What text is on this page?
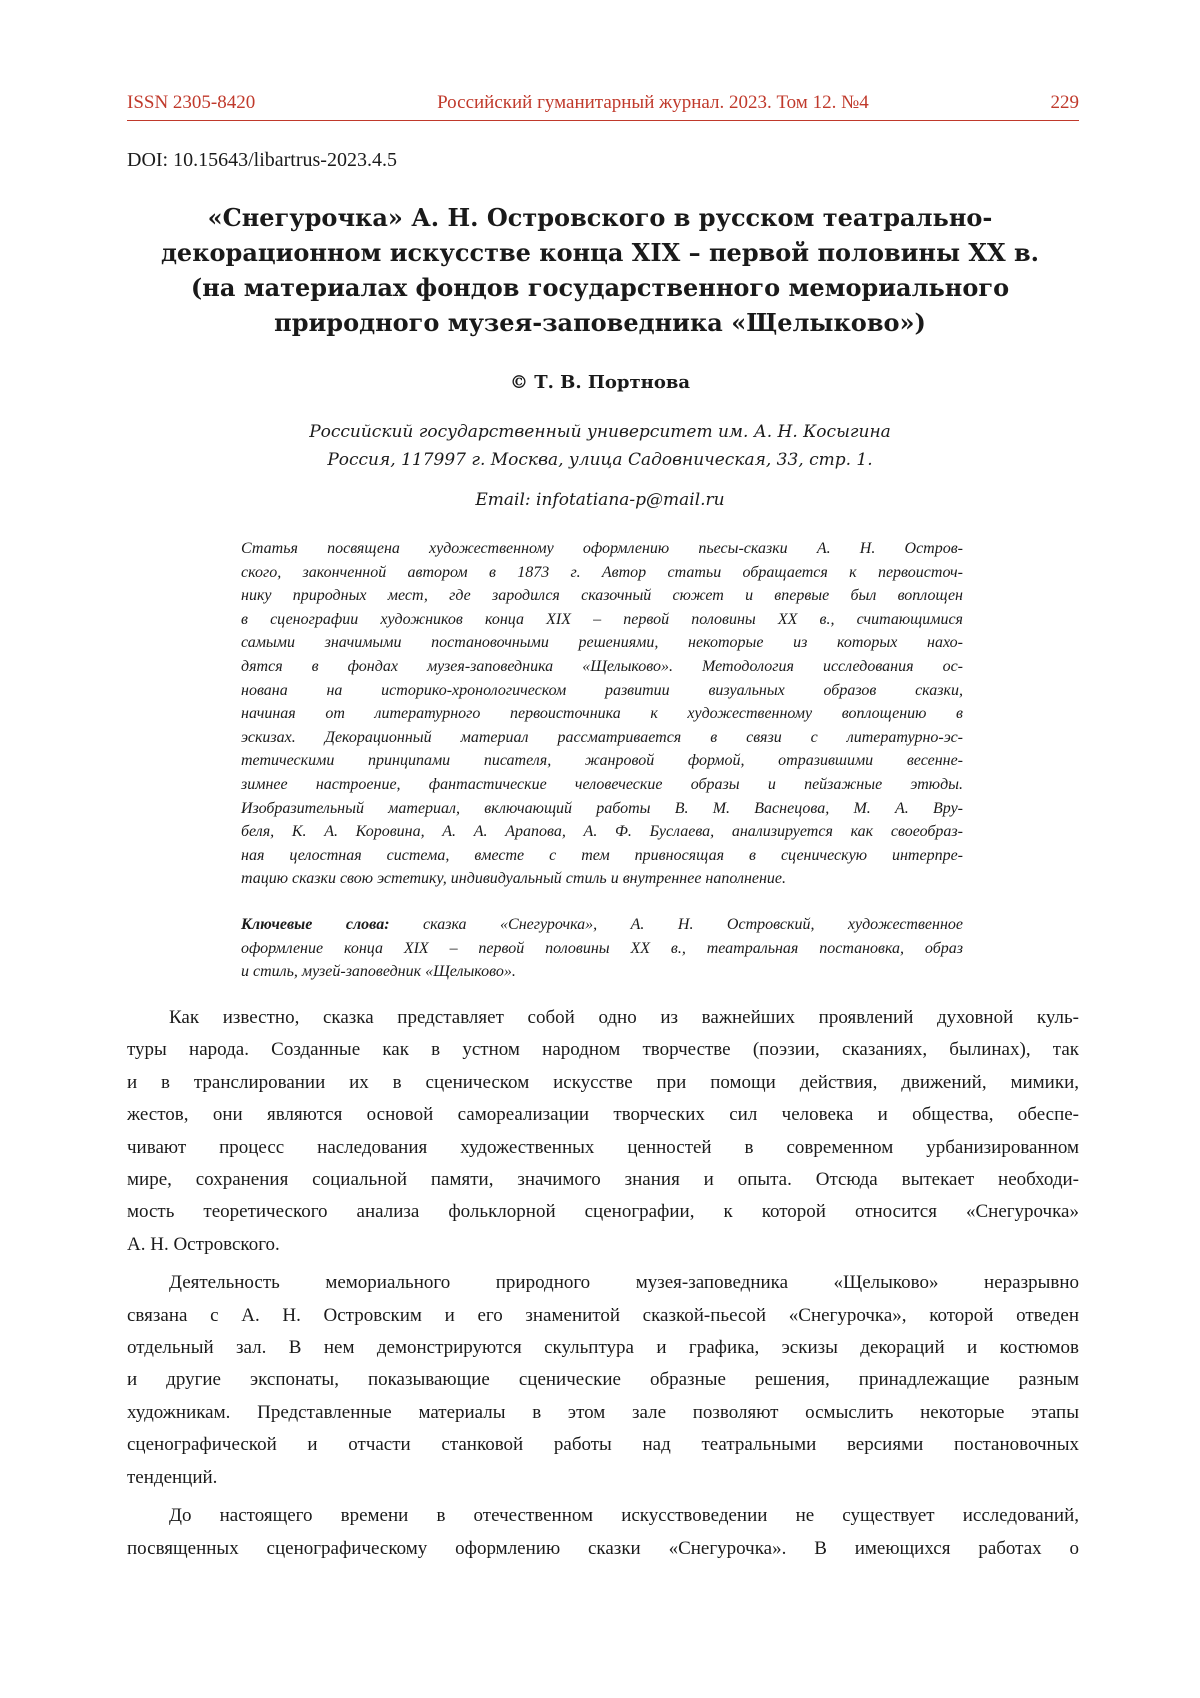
ISSN 2305-8420	Российский гуманитарный журнал. 2023. Том 12. №4	229
DOI: 10.15643/libartrus-2023.4.5
«Снегурочка» А. Н. Островского в русском театрально-
декорационном искусстве конца XIX – первой половины XX в.
(на материалах фондов государственного мемориального
природного музея-заповедника «Щелыково»)
© Т. В. Портнова
Российский государственный университет им. А. Н. Косыгина
Россия, 117997 г. Москва, улица Садовническая, 33, стр. 1.
Email: infotatiana-p@mail.ru
Статья посвящена художественному оформлению пьесы-сказки А. Н. Остров-
ского, законченной автором в 1873 г. Автор статьи обращается к первоисточ-
нику природных мест, где зародился сказочный сюжет и впервые был воплощен
в сценографии художников конца XIX – первой половины XX в., считающимися
самыми значимыми постановочными решениями, некоторые из которых нахо-
дятся в фондах музея-заповедника «Щелыково». Методология исследования ос-
нована на историко-хронологическом развитии визуальных образов сказки,
начиная от литературного первоисточника к художественному воплощению в
эскизах. Декорационный материал рассматривается в связи с литературно-эс-
тетическими принципами писателя, жанровой формой, отразившими весенне-
зимнее настроение, фантастические человеческие образы и пейзажные этюды.
Изобразительный материал, включающий работы В. М. Васнецова, М. А. Вру-
беля, К. А. Коровина, А. А. Арапова, А. Ф. Буслаева, анализируется как своеобраз-
ная целостная система, вместе с тем привносящая в сценическую интерпре-
тацию сказки свою эстетику, индивидуальный стиль и внутреннее наполнение.
Ключевые слова: сказка «Снегурочка», А. Н. Островский, художественное
оформление конца XIX – первой половины XX в., театральная постановка, образ
и стиль, музей-заповедник «Щелыково».
Как известно, сказка представляет собой одно из важнейших проявлений духовной куль-
туры народа. Созданные как в устном народном творчестве (поэзии, сказаниях, былинах), так
и в транслировании их в сценическом искусстве при помощи действия, движений, мимики,
жестов, они являются основой самореализации творческих сил человека и общества, обеспе-
чивают процесс наследования художественных ценностей в современном урбанизированном
мире, сохранения социальной памяти, значимого знания и опыта. Отсюда вытекает необходи-
мость теоретического анализа фольклорной сценографии, к которой относится «Снегурочка»
А. Н. Островского.
Деятельность мемориального природного музея-заповедника «Щелыково» неразрывно
связана с А. Н. Островским и его знаменитой сказкой-пьесой «Снегурочка», которой отведен
отдельный зал. В нем демонстрируются скульптура и графика, эскизы декораций и костюмов
и другие экспонаты, показывающие сценические образные решения, принадлежащие разным
художникам. Представленные материалы в этом зале позволяют осмыслить некоторые этапы
сценографической и отчасти станковой работы над театральными версиями постановочных
тенденций.
До настоящего времени в отечественном искусствоведении не существует исследований,
посвященных сценографическому оформлению сказки «Снегурочка». В имеющихся работах о
